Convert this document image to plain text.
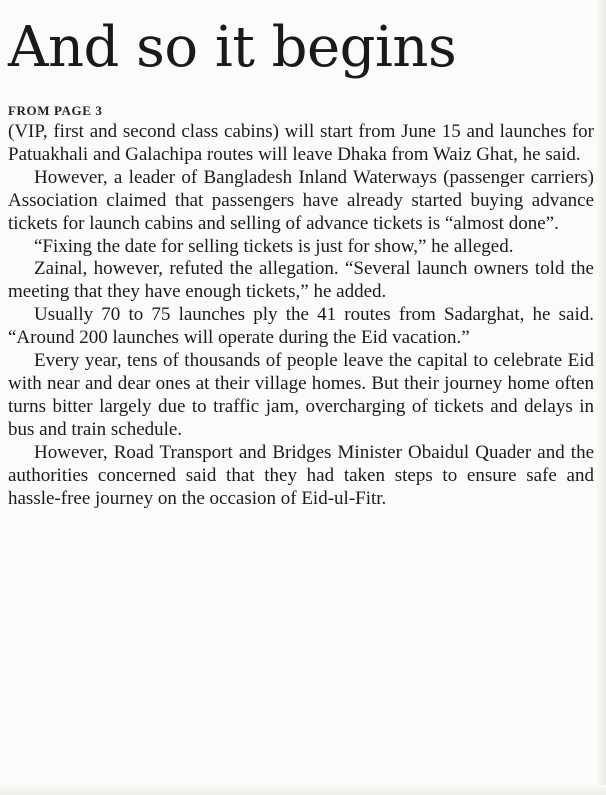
And so it begins
FROM PAGE 3

(VIP, first and second class cabins) will start from June 15 and launches for Patuakhali and Galachipa routes will leave Dhaka from Waiz Ghat, he said.

However, a leader of Bangladesh Inland Waterways (passenger carriers) Association claimed that passengers have already started buying advance tickets for launch cabins and selling of advance tickets is “almost done”.

“Fixing the date for selling tickets is just for show,” he alleged.

Zainal, however, refuted the allegation. “Several launch owners told the meeting that they have enough tickets,” he added.

Usually 70 to 75 launches ply the 41 routes from Sadarghat, he said. “Around 200 launches will operate during the Eid vacation.”

Every year, tens of thousands of people leave the capital to celebrate Eid with near and dear ones at their village homes. But their journey home often turns bitter largely due to traffic jam, overcharging of tickets and delays in bus and train schedule.

However, Road Transport and Bridges Minister Obaidul Quader and the authorities concerned said that they had taken steps to ensure safe and hassle-free journey on the occasion of Eid-ul-Fitr.
